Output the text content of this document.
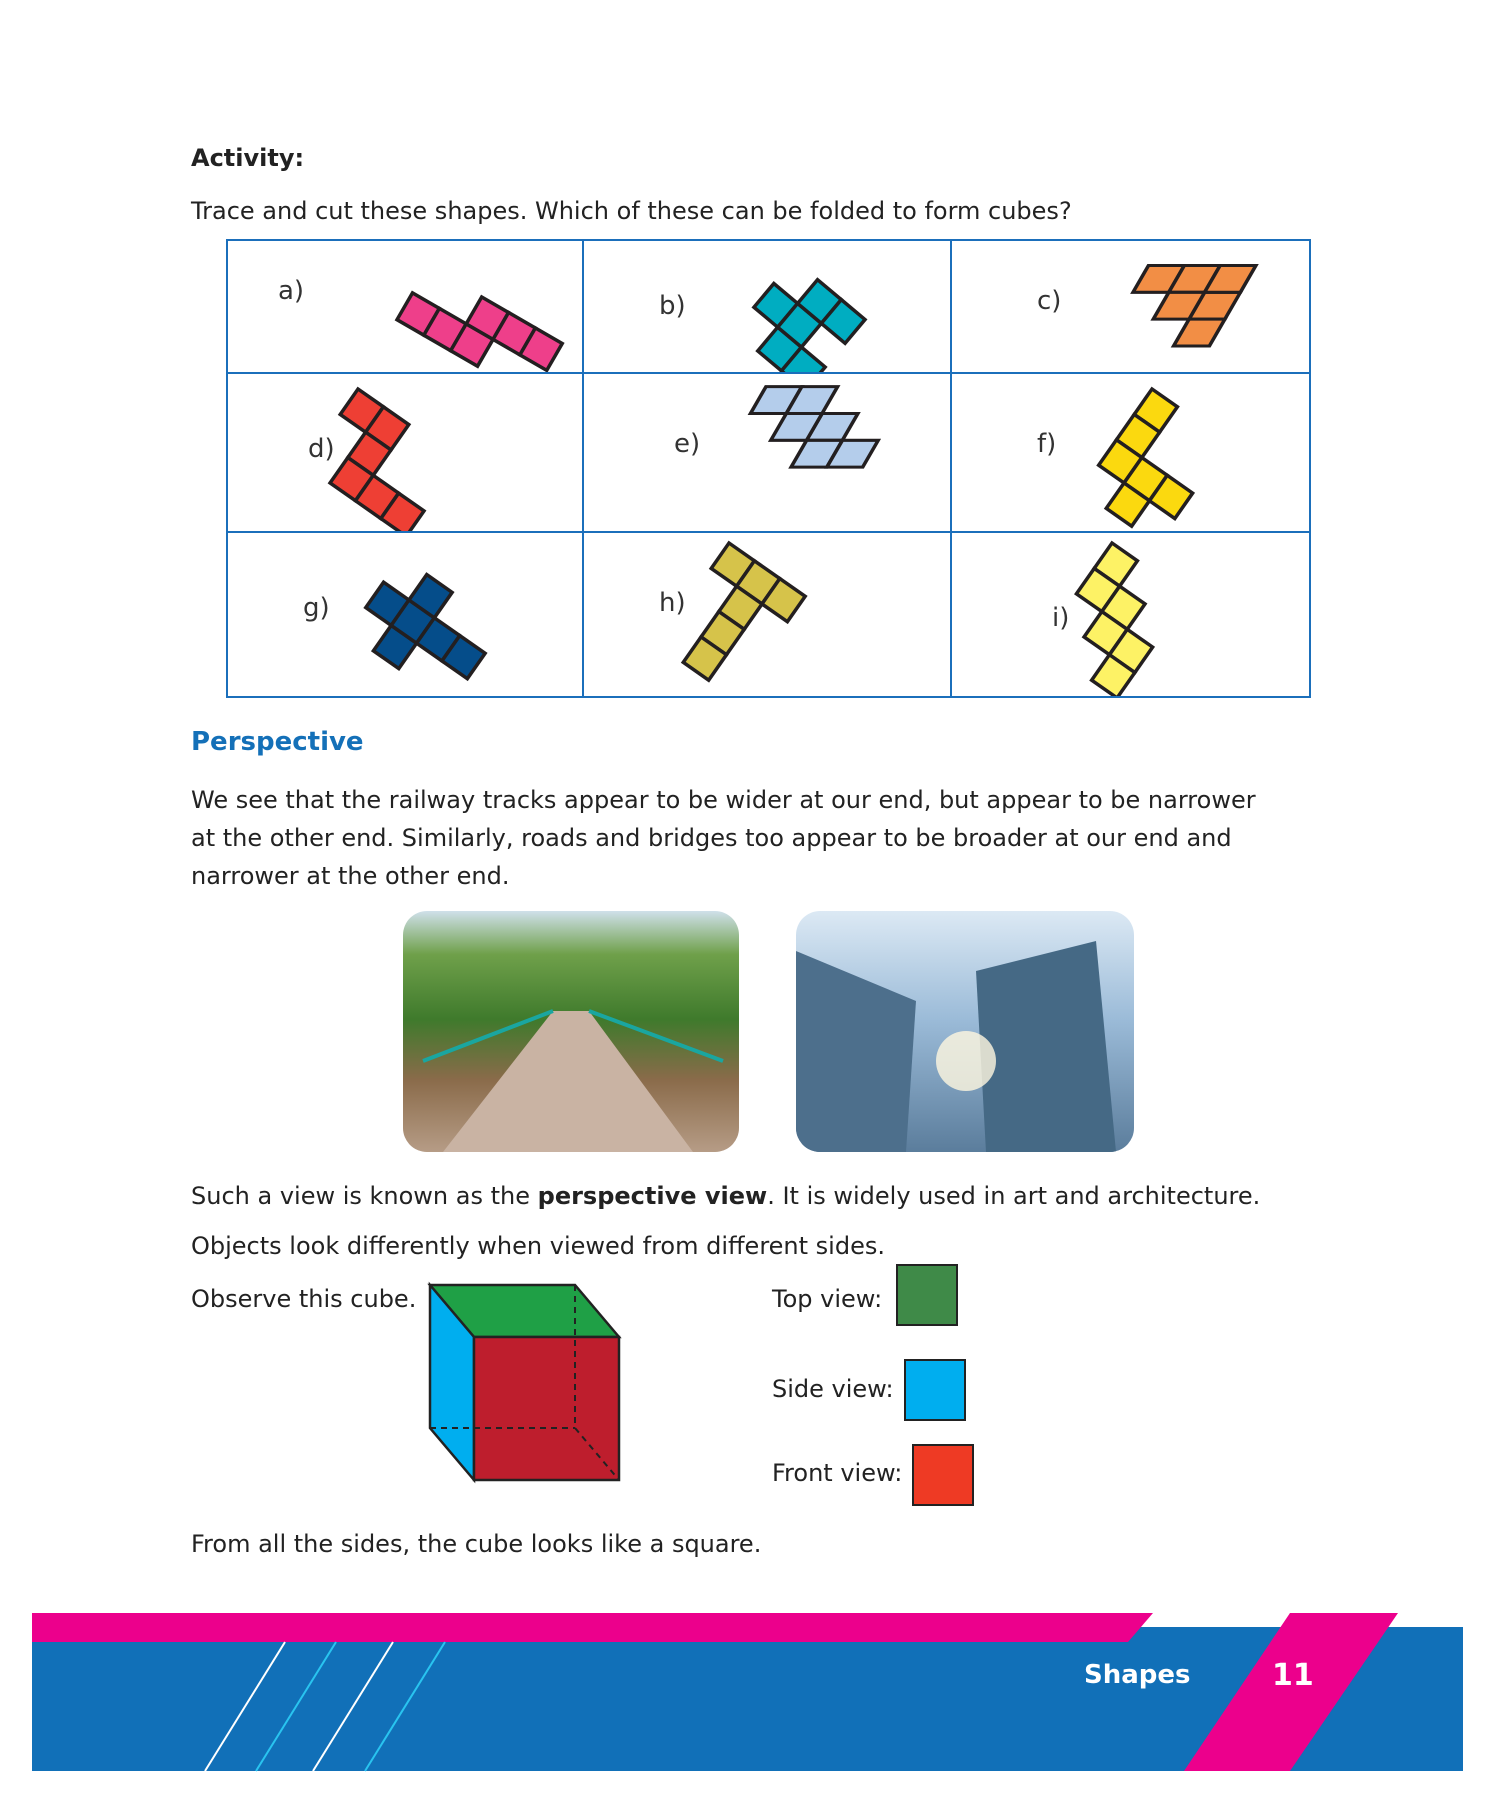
Activity:
Trace and cut these shapes. Which of these can be folded to form cubes?
a)	b)	c)
d)	e)	f)
g)	h)	i)
Perspective
We see that the railway tracks appear to be wider at our end, but appear to be narrower
at the other end. Similarly, roads and bridges too appear to be broader at our end and
narrower at the other end.
Such a view is known as the perspective view. It is widely used in art and architecture.
Objects look differently when viewed from different sides.
Observe this cube.	Top view:
Side view:
Front view:
From all the sides, the cube looks like a square.
Shapes	11
